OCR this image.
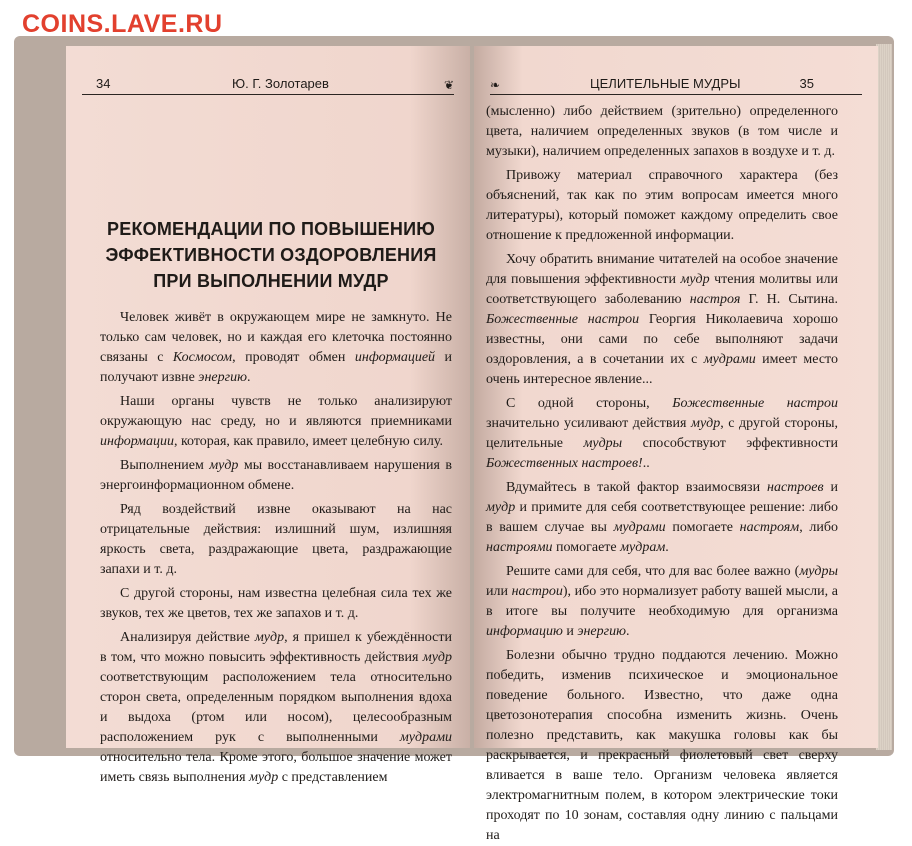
COINS.LAVE.RU
34	Ю. Г. Золотарев	❦
РЕКОМЕНДАЦИИ ПО ПОВЫШЕНИЮ
ЭФФЕКТИВНОСТИ ОЗДОРОВЛЕНИЯ
ПРИ ВЫПОЛНЕНИИ МУДР

Человек живёт в окружающем мире не замкнуто. Не только сам человек, но и каждая его клеточка постоянно связаны с Космосом, проводят обмен информацией и получают извне энергию.

Наши органы чувств не только анализируют окружающую нас среду, но и являются приемниками информации, которая, как правило, имеет целебную силу.

Выполнением мудр мы восстанавливаем нарушения в энергоинформационном обмене.

Ряд воздействий извне оказывают на нас отрицательные действия: излишний шум, излишняя яркость света, раздражающие цвета, раздражающие запахи и т. д.

С другой стороны, нам известна целебная сила тех же звуков, тех же цветов, тех же запахов и т. д.

Анализируя действие мудр, я пришел к убеждённости в том, что можно повысить эффективность действия мудр соответствующим расположением тела относительно сторон света, определенным порядком выполнения вдоха и выдоха (ртом или носом), целесообразным расположением рук с выполненными мудрами относительно тела. Кроме этого, большое значение может иметь связь выполнения мудр с представлением

❧	ЦЕЛИТЕЛЬНЫЕ МУДРЫ	35

(мысленно) либо действием (зрительно) определенного цвета, наличием определенных звуков (в том числе и музыки), наличием определенных запахов в воздухе и т. д.

Привожу материал справочного характера (без объяснений, так как по этим вопросам имеется много литературы), который поможет каждому определить свое отношение к предложенной информации.

Хочу обратить внимание читателей на особое значение для повышения эффективности мудр чтения молитвы или соответствующего заболеванию настроя Г. Н. Сытина. Божественные настрои Георгия Николаевича хорошо известны, они сами по себе выполняют задачи оздоровления, а в сочетании их с мудрами имеет место очень интересное явление...

С одной стороны, Божественные настрои значительно усиливают действия мудр, с другой стороны, целительные мудры способствуют эффективности Божественных настроев!..

Вдумайтесь в такой фактор взаимосвязи настроев и мудр и примите для себя соответствующее решение: либо в вашем случае вы мудрами помогаете настроям, либо настроями помогаете мудрам.

Решите сами для себя, что для вас более важно (мудры или настрои), ибо это нормализует работу вашей мысли, а в итоге вы получите необходимую для организма информацию и энергию.

Болезни обычно трудно поддаются лечению. Можно победить, изменив психическое и эмоциональное поведение больного. Известно, что даже одна цветозонотерапия способна изменить жизнь. Очень полезно представить, как макушка головы как бы раскрывается, и прекрасный фиолетовый свет сверху вливается в ваше тело. Организм человека является электромагнитным полем, в котором электрические токи проходят по 10 зонам, составляя одну линию с пальцами на
